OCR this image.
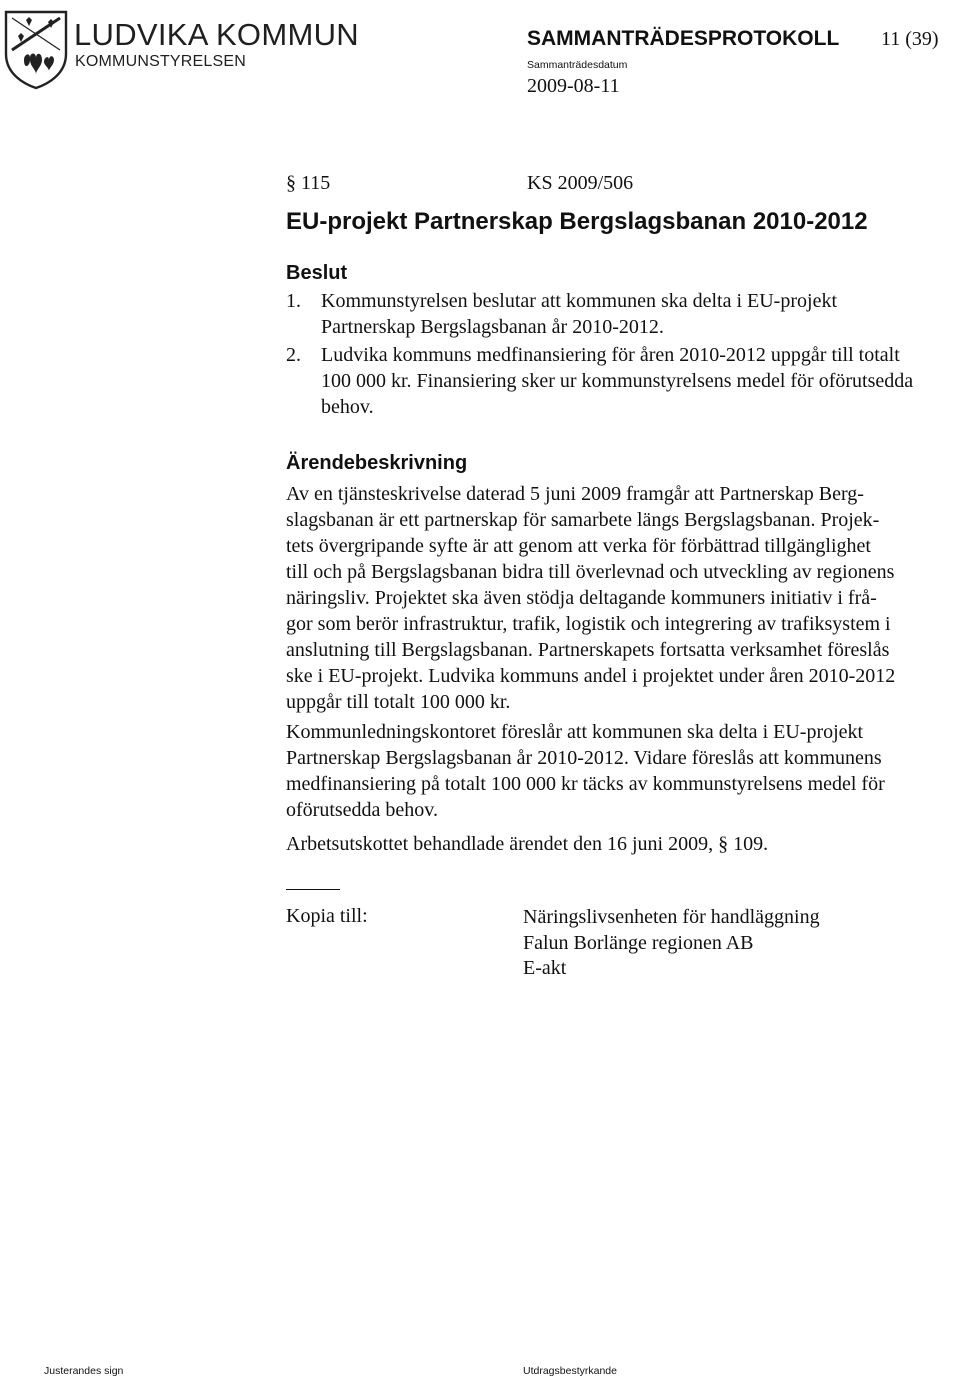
LUDVIKA KOMMUN
KOMMUNSTYRELSEN
SAMMANTRÄDESPROTOKOLL 11 (39)
Sammanträdesdatum
2009-08-11
§ 115	KS 2009/506
EU-projekt Partnerskap Bergslagsbanan 2010-2012
Beslut
1. Kommunstyrelsen beslutar att kommunen ska delta i EU-projekt Partnerskap Bergslagsbanan år 2010-2012.
2. Ludvika kommuns medfinansiering för åren 2010-2012 uppgår till totalt 100 000 kr. Finansiering sker ur kommunstyrelsens medel för oförutsedda behov.
Ärendebeskrivning

Av en tjänsteskrivelse daterad 5 juni 2009 framgår att Partnerskap Berg-
slagsbanan är ett partnerskap för samarbete längs Bergslagsbanan. Projek-
tets övergripande syfte är att genom att verka för förbättrad tillgänglighet
till och på Bergslagsbanan bidra till överlevnad och utveckling av regionens
näringsliv. Projektet ska även stödja deltagande kommuners initiativ i frå-
gor som berör infrastruktur, trafik, logistik och integrering av trafiksystem i
anslutning till Bergslagsbanan. Partnerskapets fortsatta verksamhet föreslås
ske i EU-projekt. Ludvika kommuns andel i projektet under åren 2010-2012
uppgår till totalt 100 000 kr.

Kommunledningskontoret föreslår att kommunen ska delta i EU-projekt
Partnerskap Bergslagsbanan år 2010-2012. Vidare föreslås att kommunens
medfinansiering på totalt 100 000 kr täcks av kommunstyrelsens medel för
oförutsedda behov.

Arbetsutskottet behandlade ärendet den 16 juni 2009, § 109.

Kopia till:	Näringslivsenheten för handläggning
Falun Borlänge regionen AB
E-akt
Justerandes sign	Utdragsbestyrkande
